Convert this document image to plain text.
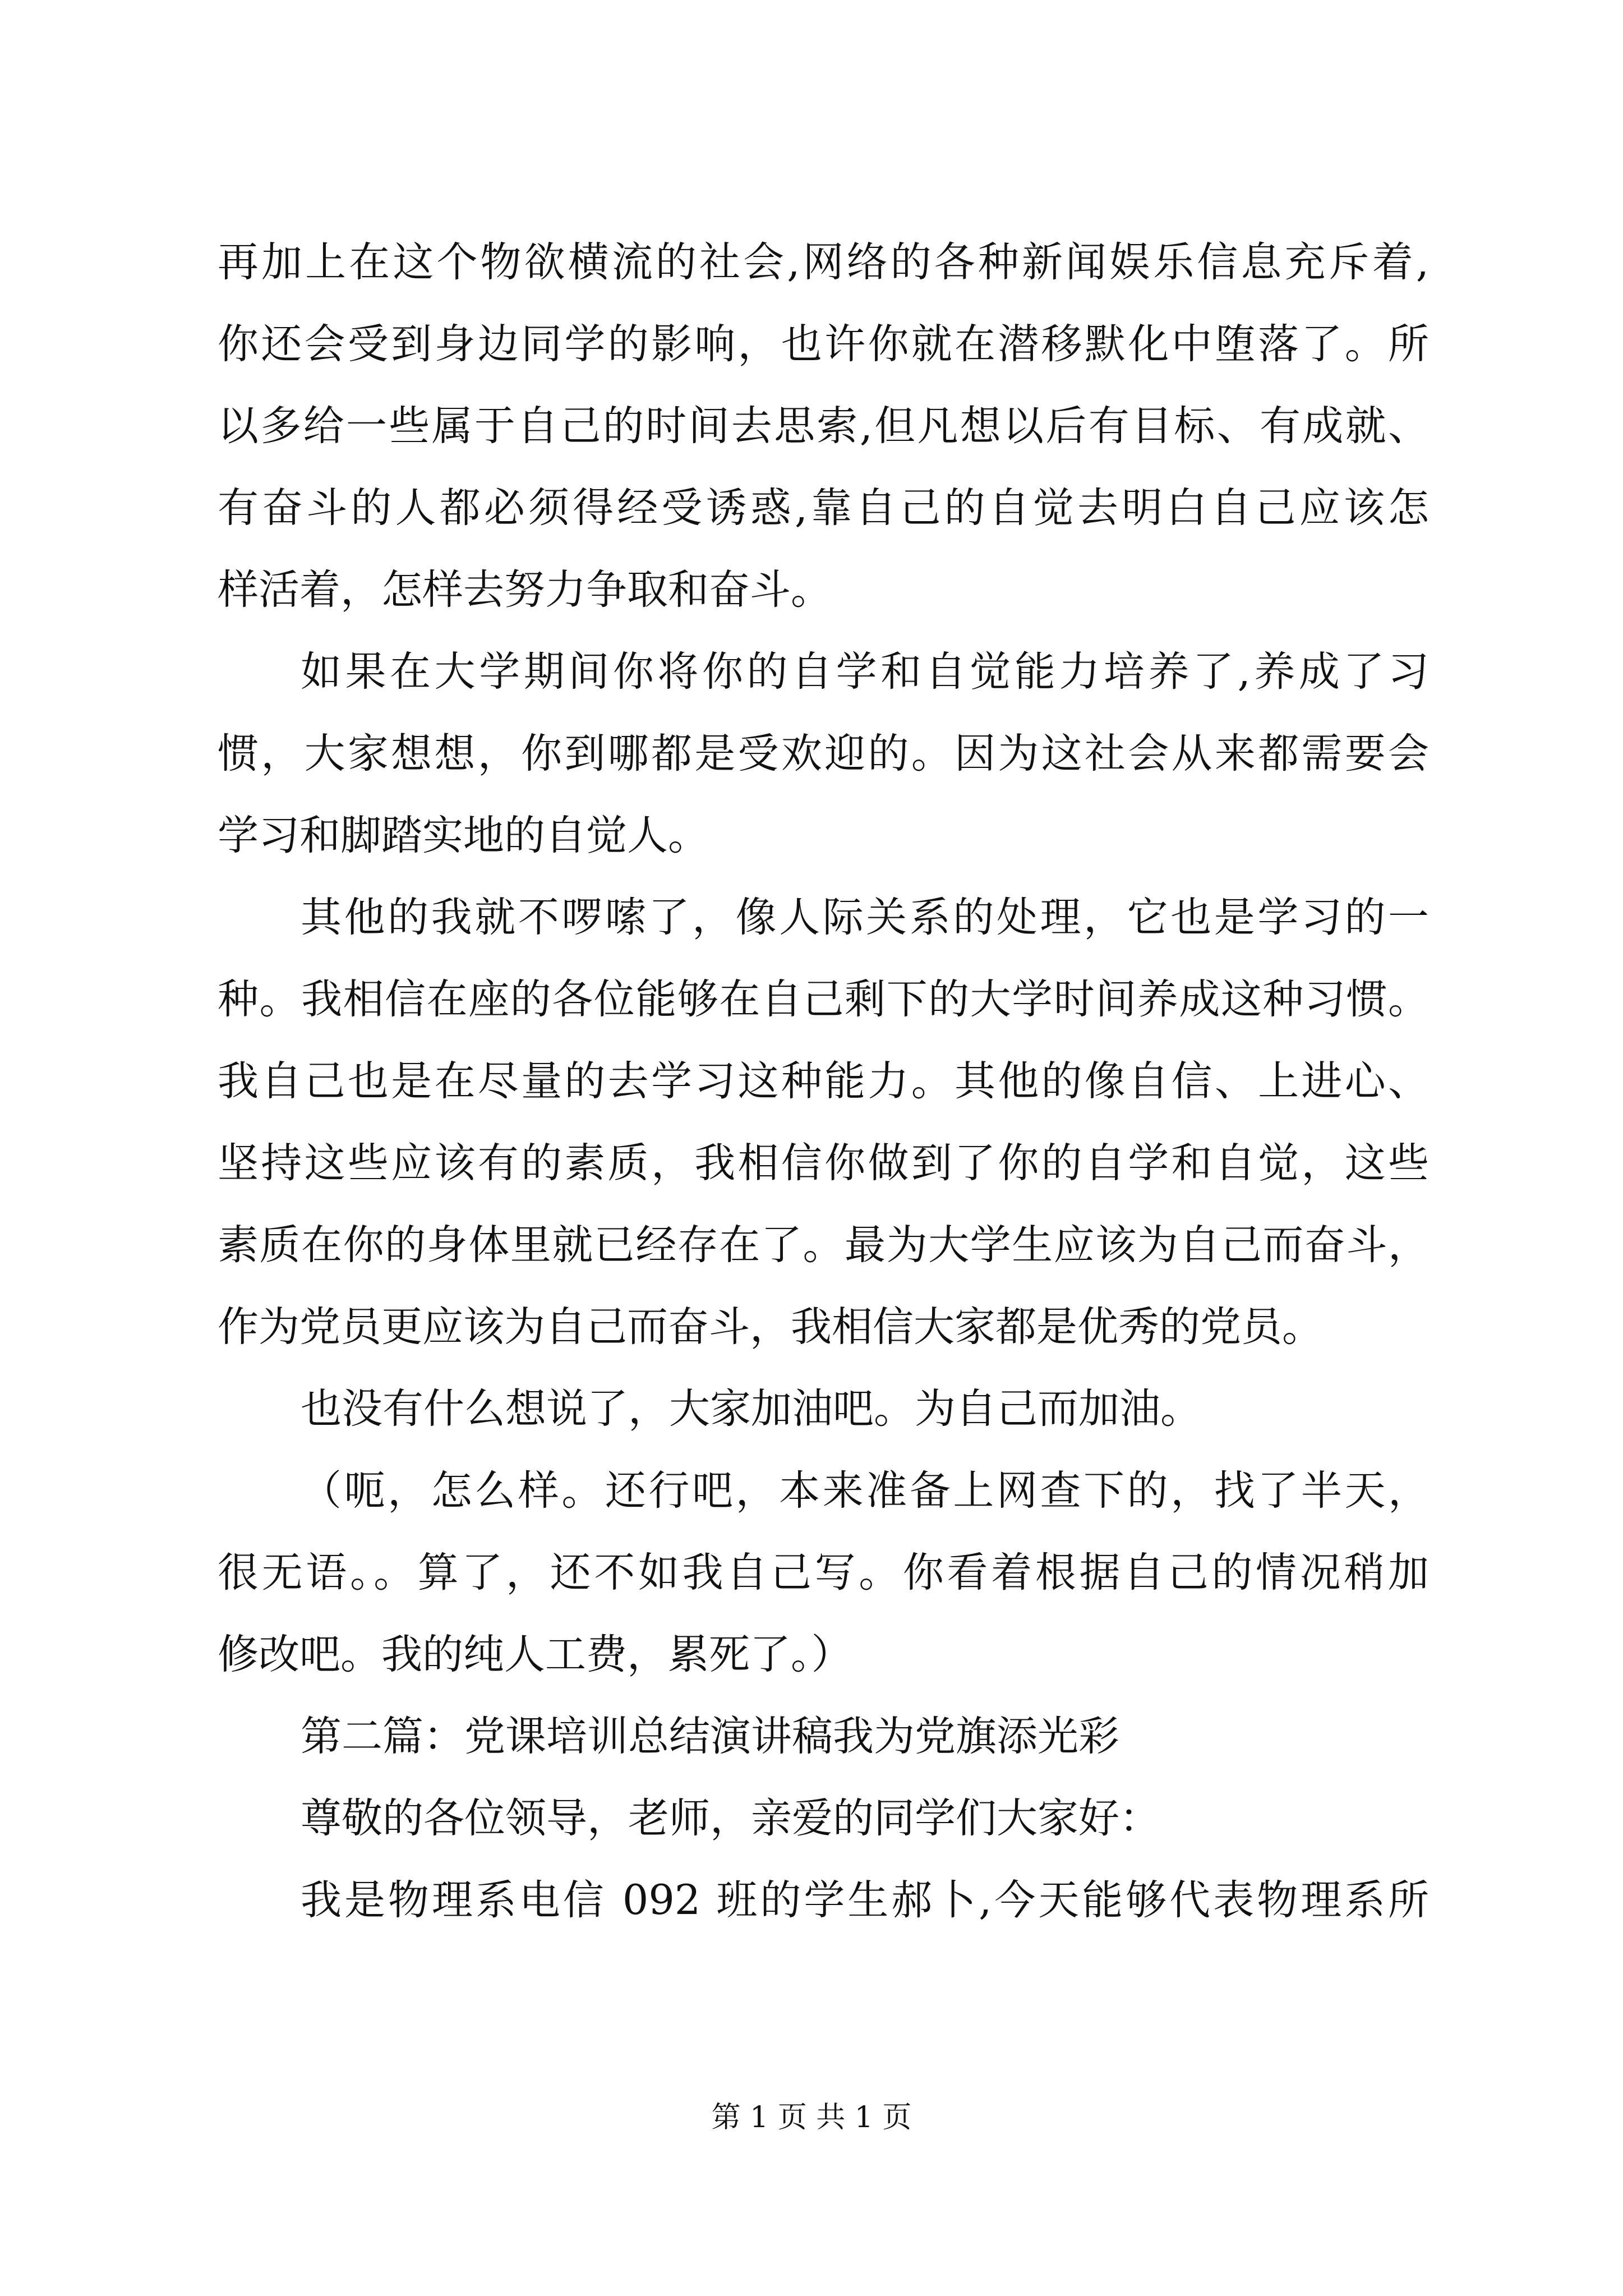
再加上在这个物欲横流的社会,网络的各种新闻娱乐信息充斥着,
你还会受到身边同学的影响，也许你就在潜移默化中堕落了。所
以多给一些属于自己的时间去思索,但凡想以后有目标、有成就、
有奋斗的人都必须得经受诱惑,靠自己的自觉去明白自己应该怎
样活着，怎样去努力争取和奋斗。
如果在大学期间你将你的自学和自觉能力培养了,养成了习
惯，大家想想，你到哪都是受欢迎的。因为这社会从来都需要会
学习和脚踏实地的自觉人。
其他的我就不啰嗦了，像人际关系的处理，它也是学习的一
种。我相信在座的各位能够在自己剩下的大学时间养成这种习惯。
我自己也是在尽量的去学习这种能力。其他的像自信、上进心、
坚持这些应该有的素质，我相信你做到了你的自学和自觉，这些
素质在你的身体里就已经存在了。最为大学生应该为自己而奋斗，
作为党员更应该为自己而奋斗，我相信大家都是优秀的党员。
也没有什么想说了，大家加油吧。为自己而加油。
（呃，怎么样。还行吧，本来准备上网查下的，找了半天，
很无语。。算了，还不如我自己写。你看着根据自己的情况稍加
修改吧。我的纯人工费，累死了。）
第二篇：党课培训总结演讲稿我为党旗添光彩
尊敬的各位领导，老师，亲爱的同学们大家好：
我是物理系电信 092 班的学生郝卜,今天能够代表物理系所
第 1 页 共 1 页
